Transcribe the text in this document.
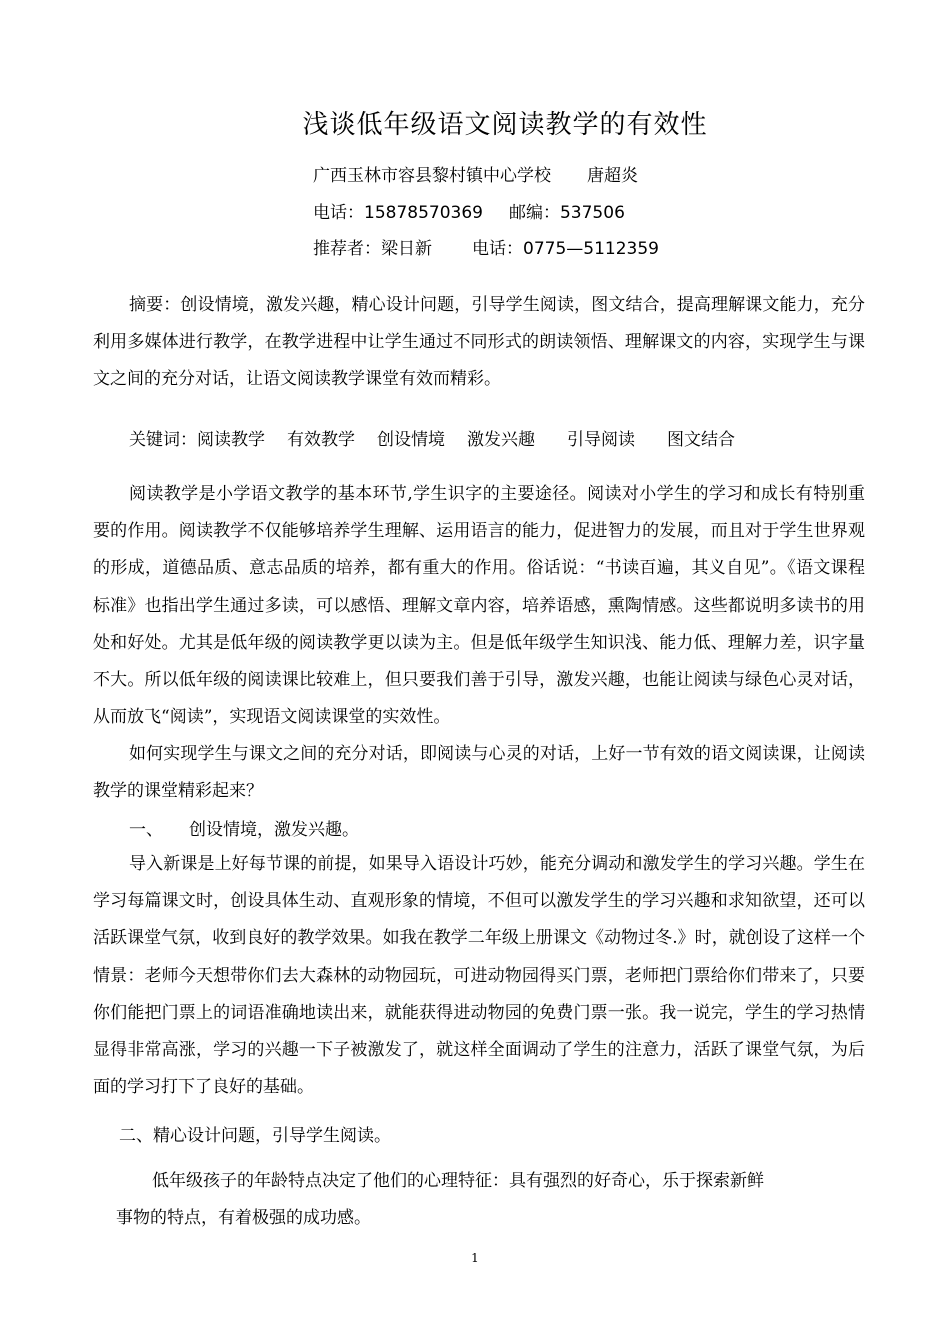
浅谈低年级语文阅读教学的有效性
广西玉林市容县黎村镇中心学校 唐超炎
电话：15878570369 邮编：537506
推荐者：梁日新 电话：0775—5112359
摘要：创设情境，激发兴趣，精心设计问题，引导学生阅读，图文结合，提高理解课文能力，充分利用多媒体进行教学，在教学进程中让学生通过不同形式的朗读领悟、理解课文的内容，实现学生与课文之间的充分对话，让语文阅读教学课堂有效而精彩。
关键词：阅读教学 有效教学 创设情境 激发兴趣 引导阅读 图文结合
阅读教学是小学语文教学的基本环节,学生识字的主要途径。阅读对小学生的学习和成长有特别重要的作用。阅读教学不仅能够培养学生理解、运用语言的能力，促进智力的发展，而且对于学生世界观的形成，道德品质、意志品质的培养，都有重大的作用。俗话说：“书读百遍，其义自见”。《语文课程标准》也指出学生通过多读，可以感悟、理解文章内容，培养语感，熏陶情感。这些都说明多读书的用处和好处。尤其是低年级的阅读教学更以读为主。但是低年级学生知识浅、能力低、理解力差，识字量不大。所以低年级的阅读课比较难上，但只要我们善于引导，激发兴趣，也能让阅读与绿色心灵对话，从而放飞“阅读”，实现语文阅读课堂的实效性。
如何实现学生与课文之间的充分对话，即阅读与心灵的对话，上好一节有效的语文阅读课，让阅读教学的课堂精彩起来？
一、 创设情境，激发兴趣。
导入新课是上好每节课的前提，如果导入语设计巧妙，能充分调动和激发学生的学习兴趣。学生在学习每篇课文时，创设具体生动、直观形象的情境，不但可以激发学生的学习兴趣和求知欲望，还可以活跃课堂气氛，收到良好的教学效果。如我在教学二年级上册课文《动物过冬.》时，就创设了这样一个情景：老师今天想带你们去大森林的动物园玩，可进动物园得买门票，老师把门票给你们带来了，只要你们能把门票上的词语准确地读出来，就能获得进动物园的免费门票一张。我一说完，学生的学习热情显得非常高涨，学习的兴趣一下子被激发了，就这样全面调动了学生的注意力，活跃了课堂气氛，为后面的学习打下了良好的基础。
二、精心设计问题，引导学生阅读。
低年级孩子的年龄特点决定了他们的心理特征：具有强烈的好奇心，乐于探索新鲜
事物的特点，有着极强的成功感。
1
